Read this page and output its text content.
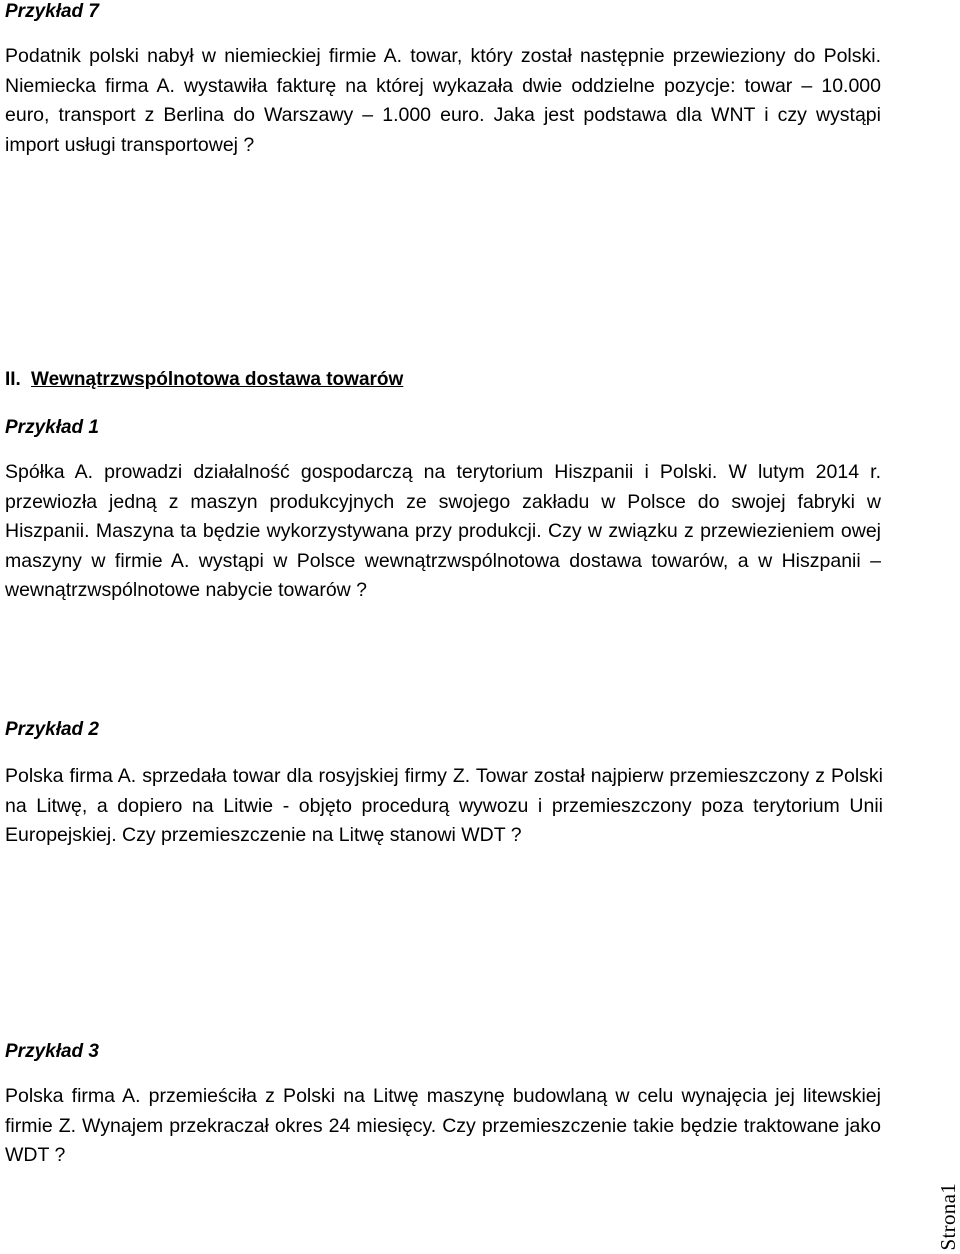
Przykład 7

Podatnik polski nabył w niemieckiej firmie A. towar, który został następnie przewieziony do Polski. Niemiecka firma A. wystawiła fakturę na której wykazała dwie oddzielne pozycje: towar – 10.000 euro, transport z Berlina do Warszawy – 1.000 euro. Jaka jest podstawa dla WNT i czy wystąpi import usługi transportowej ?

II. Wewnątrzwspólnotowa dostawa towarów
Przykład 1

Spółka A. prowadzi działalność gospodarczą na terytorium Hiszpanii i Polski. W lutym 2014 r. przewiozła jedną z maszyn produkcyjnych ze swojego zakładu w Polsce do swojej fabryki w Hiszpanii. Maszyna ta będzie wykorzystywana przy produkcji. Czy w związku z przewiezieniem owej maszyny w firmie A. wystąpi w Polsce wewnątrzwspólnotowa dostawa towarów, a w Hiszpanii – wewnątrzwspólnotowe nabycie towarów ?

Przykład 2

Polska firma A. sprzedała towar dla rosyjskiej firmy Z. Towar został najpierw przemieszczony z Polski na Litwę, a dopiero na Litwie - objęto procedurą wywozu i przemieszczony poza terytorium Unii Europejskiej. Czy przemieszczenie na Litwę stanowi WDT ?

Przykład 3

Polska firma A. przemieściła z Polski na Litwę maszynę budowlaną w celu wynajęcia jej litewskiej firmie Z. Wynajem przekraczał okres 24 miesięcy. Czy przemieszczenie takie będzie traktowane jako WDT ?

Strona1
